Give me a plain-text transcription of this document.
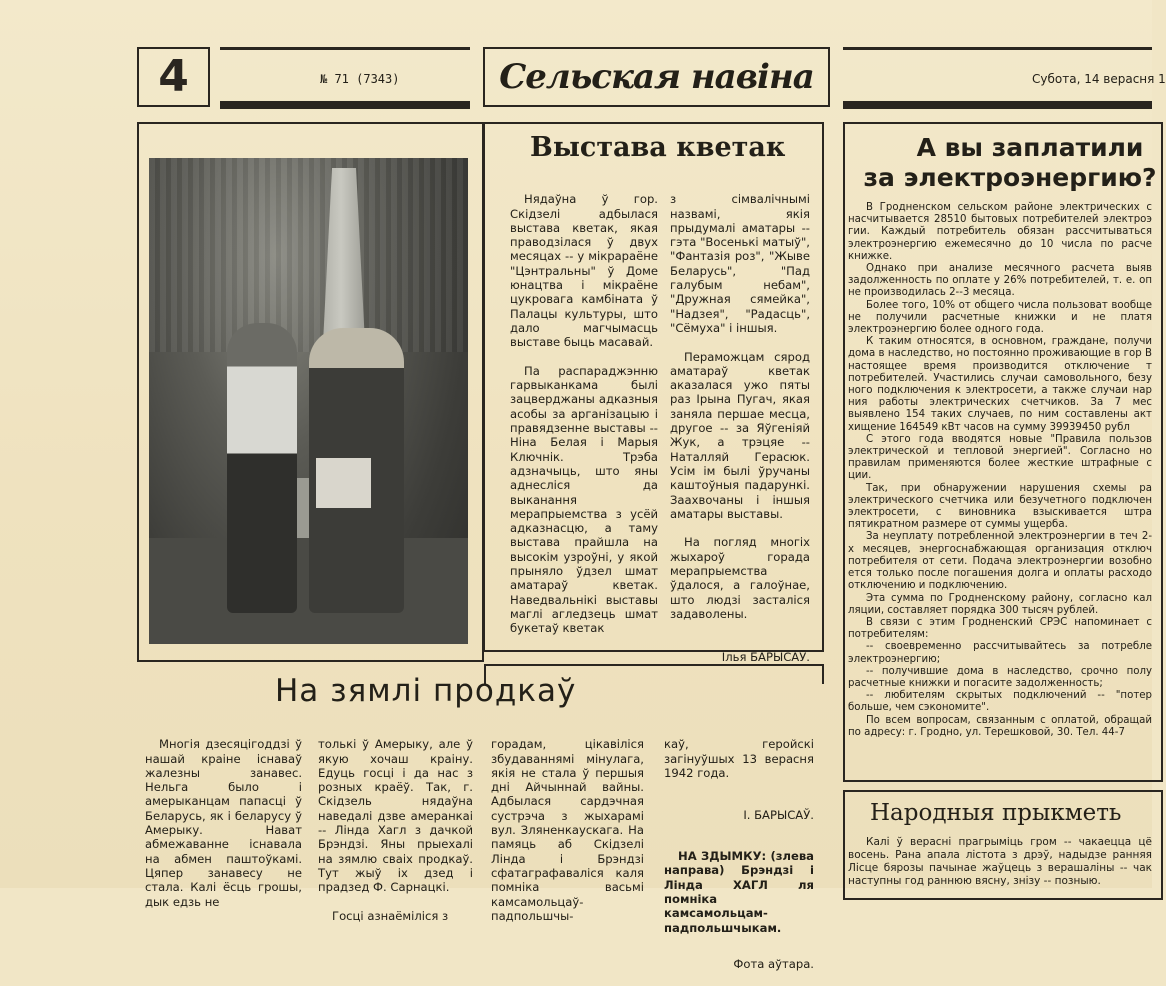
4	№ 71 (7343)	Сельская навіна	Субота, 14 верасня 1
Выстава кветак

Нядаўна ў гор. Скідзелі адбылася выстава кветак, якая праводзілася ў двух месяцах -- у мікрараёне "Цэнтральны" ў Доме юнацтва і мікраёне цукровага камбіната ў Палацы культуры, што дало магчымасць выставе быць масавай.

Па распараджэнню гарвыканкама былі зацверджаны адказныя асобы за арганізацыю і правядзенне выставы -- Ніна Белая і Марыя Ключнік. Трэба адзначыць, што яны аднесліся да выканання мерапрыемства з усёй адказнасцю, а таму выстава прайшла на высокім узроўні, у якой прыняло ўдзел шмат аматараў кветак. Наведвальнікі выставы маглі агледзець шмат букетаў кветак

з сімвалічнымі назвамі, якія прыдумалі аматары -- гэта "Восенькі матыў", "Фантазія роз", "Жыве Беларусь", "Пад галубым небам", "Дружная сямейка", "Надзея", "Радасць", "Сёмуха" і іншыя.

Пераможцам сярод аматараў кветак аказалася ужо пяты раз Ірына Пугач, якая заняла першае месца, другое -- за Яўгеніяй Жук, а трэцяе -- Наталляй Герасюк. Усім ім былі ўручаны каштоўныя падарункі. Заахвочаны і іншыя аматары выставы.

На погляд многіх жыхароў горада мерапрыемства ўдалося, а галоўнае, што людзі засталіся задаволены.

Ілья БАРЫСАЎ.

На зямлі продкаў

Многія дзесяцігоддзі ў нашай краіне існаваў жалезны занавес. Нельга было і амерыканцам папасці ў Беларусь, як і беларусу ў Амерыку. Нават абмежаванне існавала на абмен паштоўкамі. Цяпер занавесу не стала. Калі ёсць грошы, дык едзь не

толькі ў Амерыку, але ў якую хочаш краіну. Едуць госці і да нас з розных краёў. Так, г. Скідзель нядаўна наведалі дзве амеранкаі -- Лінда Хагл з дачкой Брэндзі. Яны прыехалі на зямлю сваіх продкаў. Тут жыў іх дзед і прадзед Ф. Сарнацкі.

Госці азнаёміліся з

горадам, цікавіліся збудаваннямі мінулага, якія не стала ў першыя дні Айчыннай вайны. Адбылася сардэчная сустрэча з жыхарамі вул. Зляненкаускага. На памяць аб Скідзелі Лінда і Брэндзі сфатаграфаваліся каля помніка васьмі камсамольцаў-падпольшчы-

каў, геройскі загінуўшых 13 верасня 1942 года.

І. БАРЫСАЎ.

НА ЗДЫМКУ: (злева направа) Брэндзі і Лінда ХАГЛ ля помніка камсамольцам-падпольшчыкам.

Фота аўтара.

А вы заплатили
за электроэнергию?

В Гродненском сельском районе электрических с насчитывается 28510 бытовых потребителей электроэ гии. Каждый потребитель обязан рассчитываться электроэнергию ежемесячно до 10 числа по расче книжке.

Однако при анализе месячного расчета выяв задолженность по оплате у 26% потребителей, т. е. оп не производилась 2--3 месяца.

Более того, 10% от общего числа пользоват вообще не получили расчетные книжки и не платя электроэнергию более одного года.

К таким относятся, в основном, граждане, получи дома в наследство, но постоянно проживающие в гор В настоящее время производится отключение т потребителей. Участились случаи самовольного, безу ного подключения к электросети, а также случаи нар ния работы электрических счетчиков. За 7 мес выявлено 154 таких случаев, по ним составлены акт хищение 164549 кВт часов на сумму 39939450 рубл

С этого года вводятся новые "Правила пользов электрической и тепловой энергией". Согласно но правилам применяются более жесткие штрафные с ции.

Так, при обнаружении нарушения схемы ра электрического счетчика или безучетного подключен электросети, с виновника взыскивается штра пятикратном размере от суммы ущерба.

За неуплату потребленной электроэнергии в теч 2-х месяцев, энергоснабжающая организация отключ потребителя от сети. Подача электроэнергии возобно ется только после погашения долга и оплаты расходо отключению и подключению.

Эта сумма по Гродненскому району, согласно кал ляции, составляет порядка 300 тысяч рублей.

В связи с этим Гродненский СРЭС напоминает с потребителям:

-- своевременно рассчитывайтесь за потребле электроэнергию;

-- получившие дома в наследство, срочно полу расчетные книжки и погасите задолженность;

-- любителям скрытых подключений -- "потер больше, чем сэкономите".

По всем вопросам, связанным с оплатой, обращай по адресу: г. Гродно, ул. Терешковой, 30. Тел. 44-7

Народныя прыкметь

Калі ў верасні прагрымiць гром -- чакаецца цё восень. Рана апала лістота з дрэў, надыдзе ранняя Лісце бярозы пачынае жаўцець з верашаліны -- чак наступны год раннюю вясну, знізу -- позныю.
